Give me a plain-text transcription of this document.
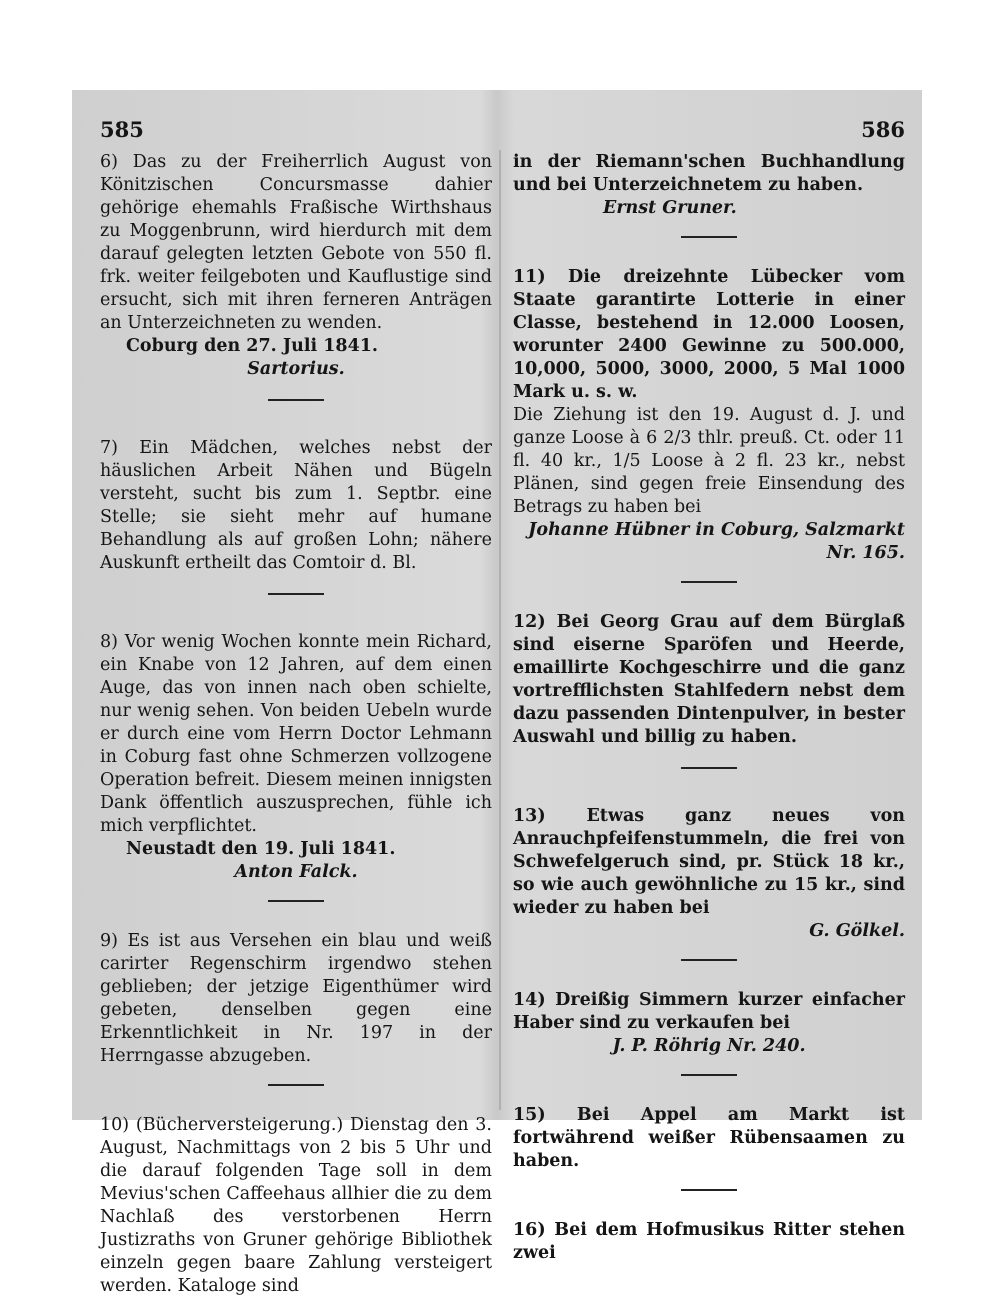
585

6) Das zu der Freiherrlich August von Könitzischen Concursmasse dahier gehörige ehemahls Fraßische Wirthshaus zu Moggenbrunn, wird hierdurch mit dem darauf gelegten letzten Gebote von 550 fl. frk. weiter feilgeboten und Kauflustige sind ersucht, sich mit ihren ferneren Anträgen an Unterzeichneten zu wenden.

Coburg den 27. Juli 1841.

Sartorius.

7) Ein Mädchen, welches nebst der häuslichen Arbeit Nähen und Bügeln versteht, sucht bis zum 1. Septbr. eine Stelle; sie sieht mehr auf humane Behandlung als auf großen Lohn; nähere Auskunft ertheilt das Comtoir d. Bl.

8) Vor wenig Wochen konnte mein Richard, ein Knabe von 12 Jahren, auf dem einen Auge, das von innen nach oben schielte, nur wenig sehen. Von beiden Uebeln wurde er durch eine vom Herrn Doctor Lehmann in Coburg fast ohne Schmerzen vollzogene Operation befreit. Diesem meinen innigsten Dank öffentlich auszusprechen, fühle ich mich verpflichtet.

Neustadt den 19. Juli 1841.

Anton Falck.

9) Es ist aus Versehen ein blau und weiß carirter Regenschirm irgendwo stehen geblieben; der jetzige Eigenthümer wird gebeten, denselben gegen eine Erkenntlichkeit in Nr. 197 in der Herrngasse abzugeben.

10) (Bücherversteigerung.) Dienstag den 3. August, Nachmittags von 2 bis 5 Uhr und die darauf folgenden Tage soll in dem Mevius'schen Caffeehaus allhier die zu dem Nachlaß des verstorbenen Herrn Justizraths von Gruner gehörige Bibliothek einzeln gegen baare Zahlung versteigert werden. Kataloge sind

586

in der Riemann'schen Buchhandlung und bei Unterzeichnetem zu haben.

Ernst Gruner.

11) Die dreizehnte Lübecker vom Staate garantirte Lotterie in einer Classe, bestehend in 12.000 Loosen, worunter 2400 Gewinne zu 500.000, 10,000, 5000, 3000, 2000, 5 Mal 1000 Mark u. s. w.

Die Ziehung ist den 19. August d. J. und ganze Loose à 6 2/3 thlr. preuß. Ct. oder 11 fl. 40 kr., 1/5 Loose à 2 fl. 23 kr., nebst Plänen, sind gegen freie Einsendung des Betrags zu haben bei

Johanne Hübner in Coburg, Salzmarkt Nr. 165.

12) Bei Georg Grau auf dem Bürglaß sind eiserne Sparöfen und Heerde, emaillirte Kochgeschirre und die ganz vortrefflichsten Stahlfedern nebst dem dazu passenden Dintenpulver, in bester Auswahl und billig zu haben.

13) Etwas ganz neues von Anrauchpfeifenstummeln, die frei von Schwefelgeruch sind, pr. Stück 18 kr., so wie auch gewöhnliche zu 15 kr., sind wieder zu haben bei

G. Gölkel.

14) Dreißig Simmern kurzer einfacher Haber sind zu verkaufen bei

J. P. Röhrig Nr. 240.

15) Bei Appel am Markt ist fortwährend weißer Rübensaamen zu haben.

16) Bei dem Hofmusikus Ritter stehen zwei
